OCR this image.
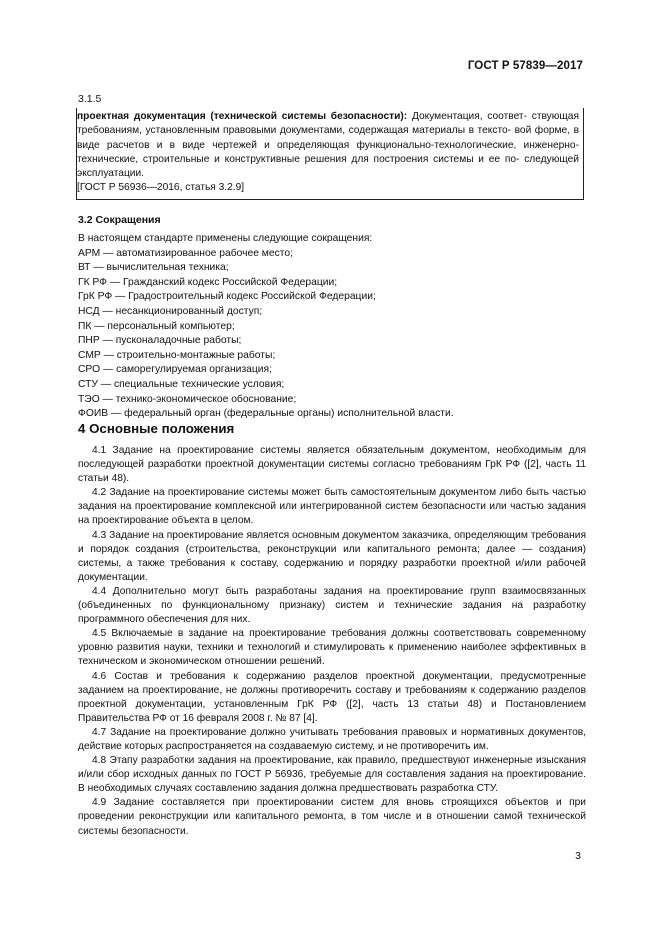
ГОСТ Р 57839—2017
3.1.5

проектная документация (технической системы безопасности): Документация, соответ- ствующая требованиям, установленным правовыми документами, содержащая материалы в тексто- вой форме, в виде расчетов и в виде чертежей и определяющая функционально-технологические, инженерно-технические, строительные и конструктивные решения для построения системы и ее по- следующей эксплуатации.

[ГОСТ Р 56936—2016, статья 3.2.9]

3.2 Сокращения
В настоящем стандарте применены следующие сокращения:
АРМ — автоматизированное рабочее место;
ВТ — вычислительная техника;
ГК РФ — Гражданский кодекс Российской Федерации;
ГрК РФ — Градостроительный кодекс Российской Федерации;
НСД — несанкционированный доступ;
ПК — персональный компьютер;
ПНР — пусконаладочные работы;
СМР — строительно-монтажные работы;
СРО — саморегулируемая организация;
СТУ — специальные технические условия;
ТЭО — технико-экономическое обоснование;
ФОИВ — федеральный орган (федеральные органы) исполнительной власти.
4 Основные положения

4.1 Задание на проектирование системы является обязательным документом, необходимым для последующей разработки проектной документации системы согласно требованиям ГрК РФ ([2], часть 11 статьи 48).

4.2 Задание на проектирование системы может быть самостоятельным документом либо быть частью задания на проектирование комплексной или интегрированной систем безопасности или частью задания на проектирование объекта в целом.

4.3 Задание на проектирование является основным документом заказчика, определяющим требования и порядок создания (строительства, реконструкции или капитального ремонта; далее — создания) системы, а также требования к составу, содержанию и порядку разработки проектной и/или рабочей документации.

4.4 Дополнительно могут быть разработаны задания на проектирование групп взаимосвязанных (объединенных по функциональному признаку) систем и технические задания на разработку программного обеспечения для них.

4.5 Включаемые в задание на проектирование требования должны соответствовать современному уровню развития науки, техники и технологий и стимулировать к применению наиболее эффективных в техническом и экономическом отношении решений.

4.6 Состав и требования к содержанию разделов проектной документации, предусмотренные заданием на проектирование, не должны противоречить составу и требованиям к содержанию разделов проектной документации, установленным ГрК РФ ([2], часть 13 статьи 48) и Постановлением Правительства РФ от 16 февраля 2008 г. № 87 [4].

4.7 Задание на проектирование должно учитывать требования правовых и нормативных документов, действие которых распространяется на создаваемую систему, и не противоречить им.

4.8 Этапу разработки задания на проектирование, как правило, предшествуют инженерные изыскания и/или сбор исходных данных по ГОСТ Р 56936, требуемые для составления задания на проектирование. В необходимых случаях составлению задания должна предшествовать разработка СТУ.

4.9 Задание составляется при проектировании систем для вновь строящихся объектов и при проведении реконструкции или капитального ремонта, в том числе и в отношении самой технической системы безопасности.

3
